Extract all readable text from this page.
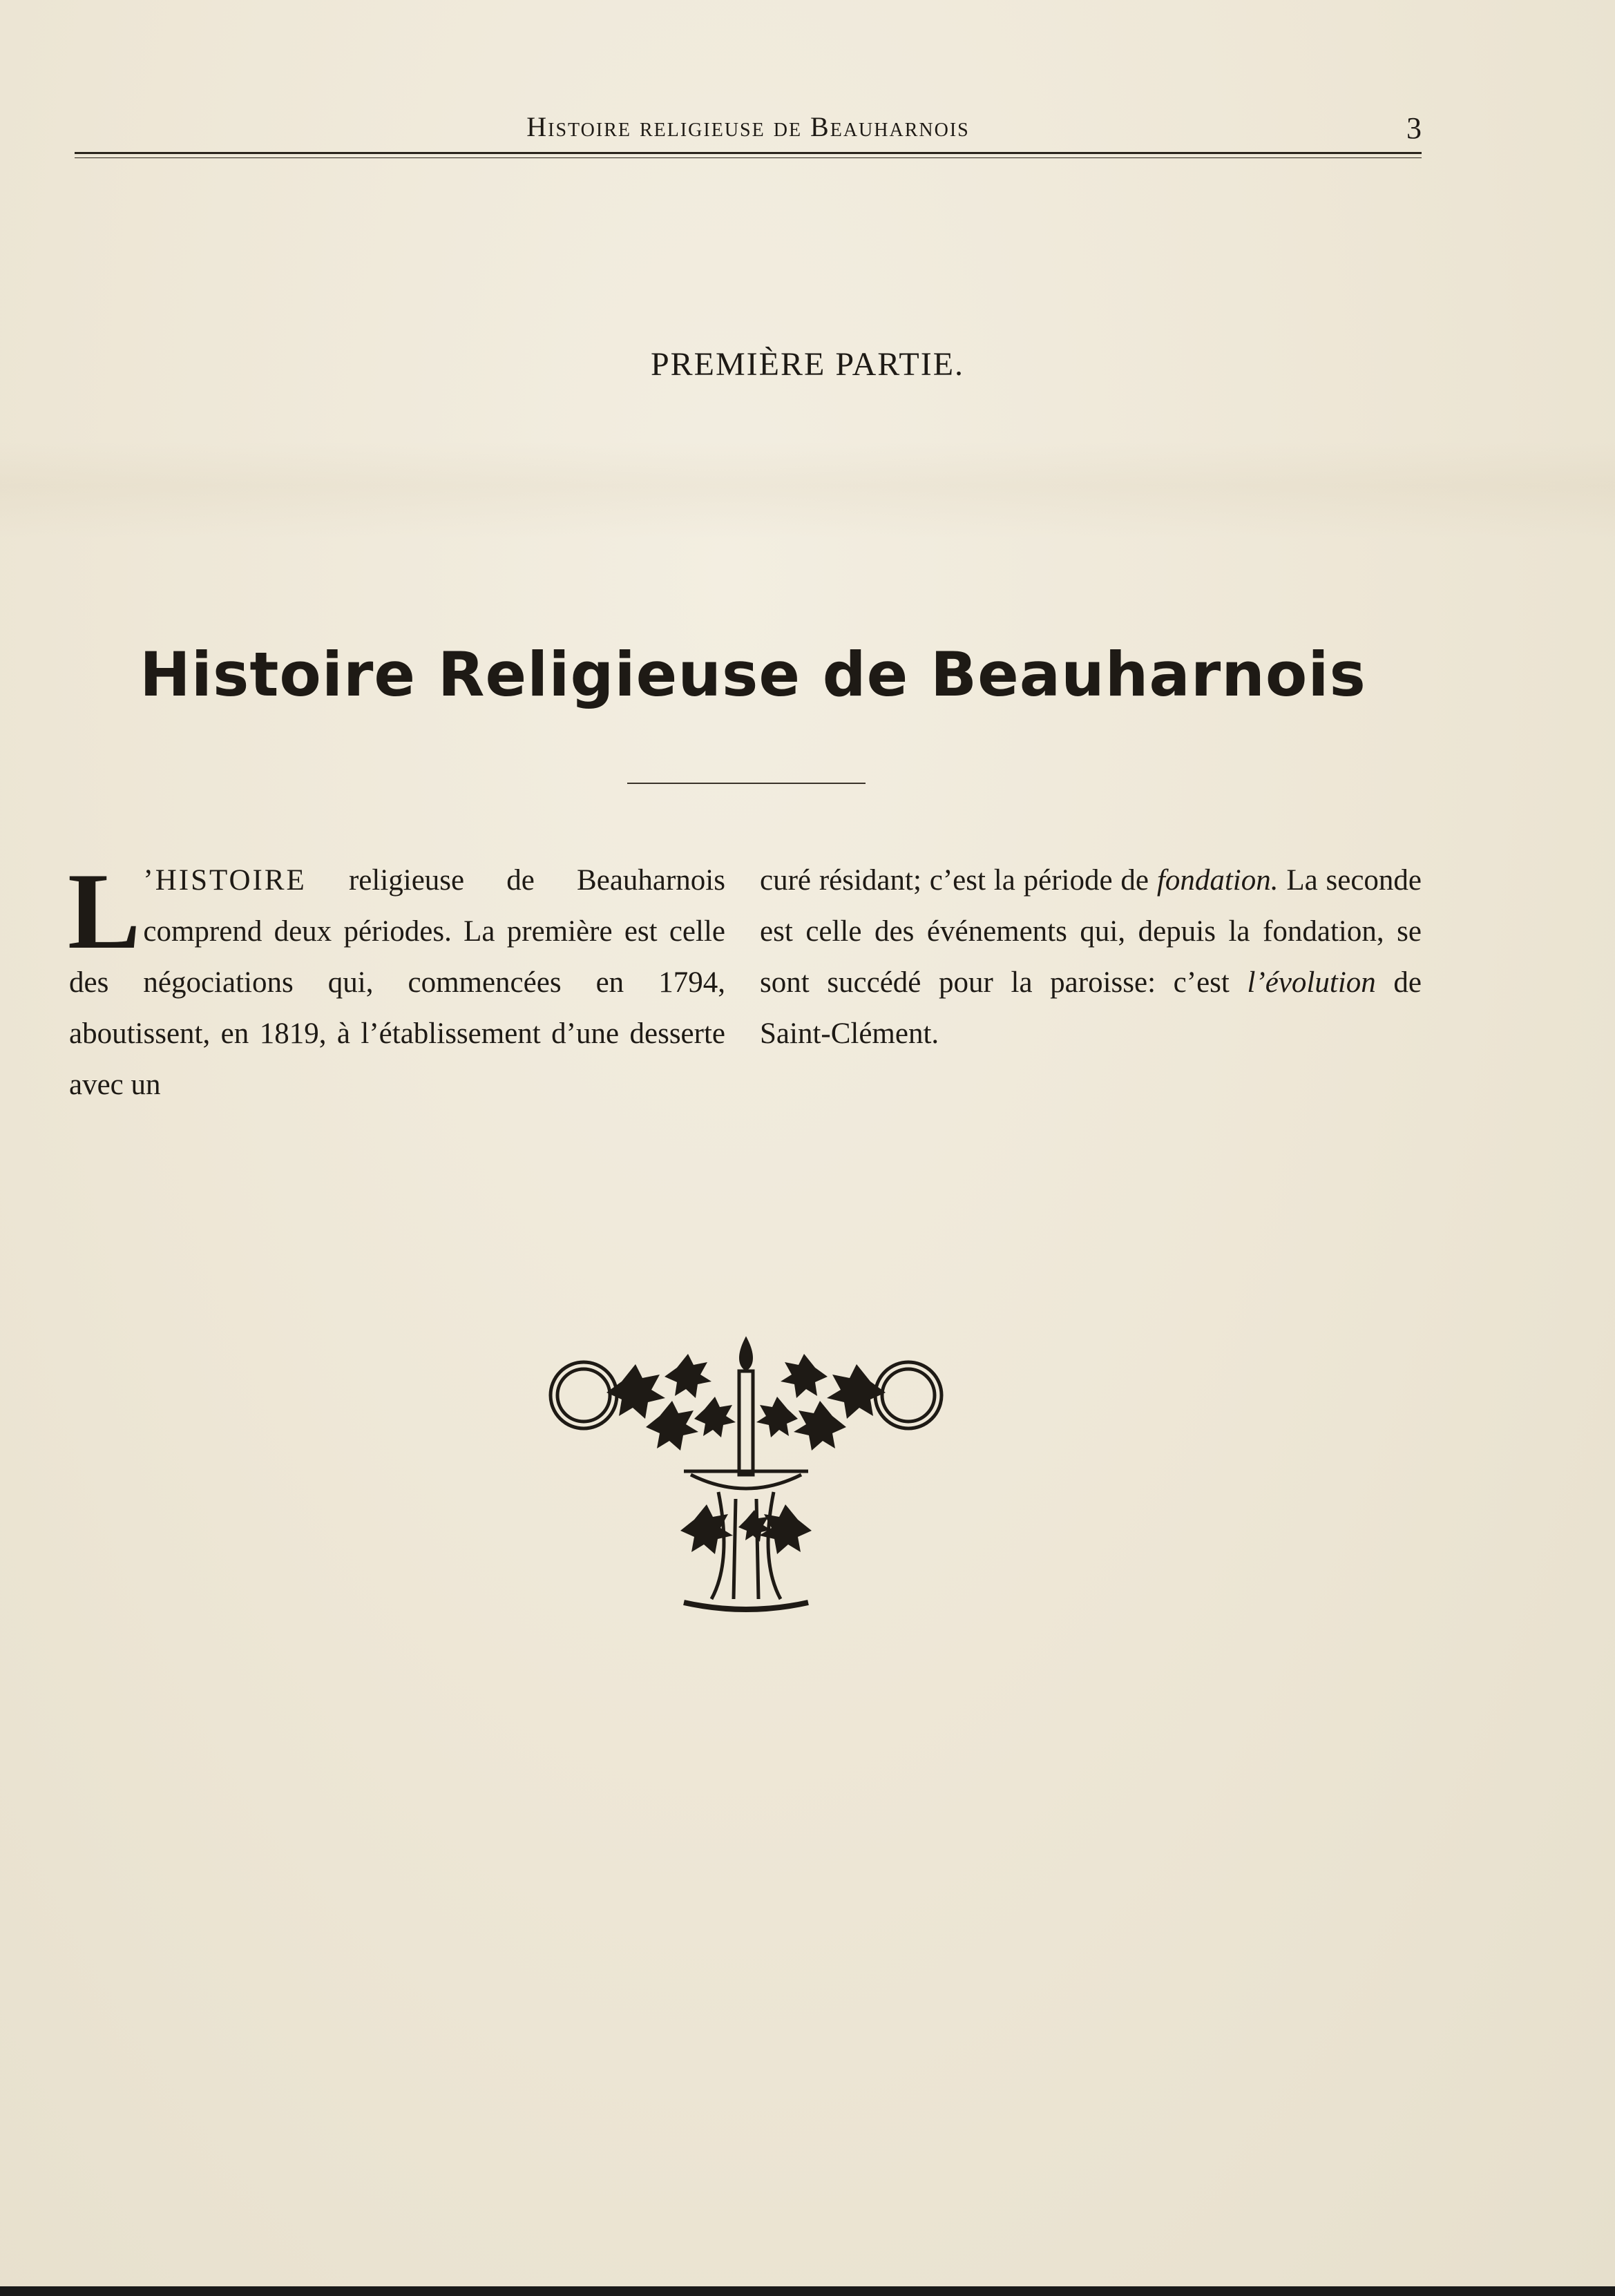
Histoire religieuse de Beauharnois	3
PREMIÈRE PARTIE.
Histoire Religieuse de Beauharnois
L ’HISTOIRE religieuse de Beauharnois comprend deux périodes. La première est celle des négociations qui, commencées en 1794, aboutissent, en 1819, à l’établissement d’une desserte avec un
curé résidant; c’est la période de fondation. La seconde est celle des événements qui, depuis la fondation, se sont succédé pour la paroisse: c’est l’évolution de Saint-Clément.
